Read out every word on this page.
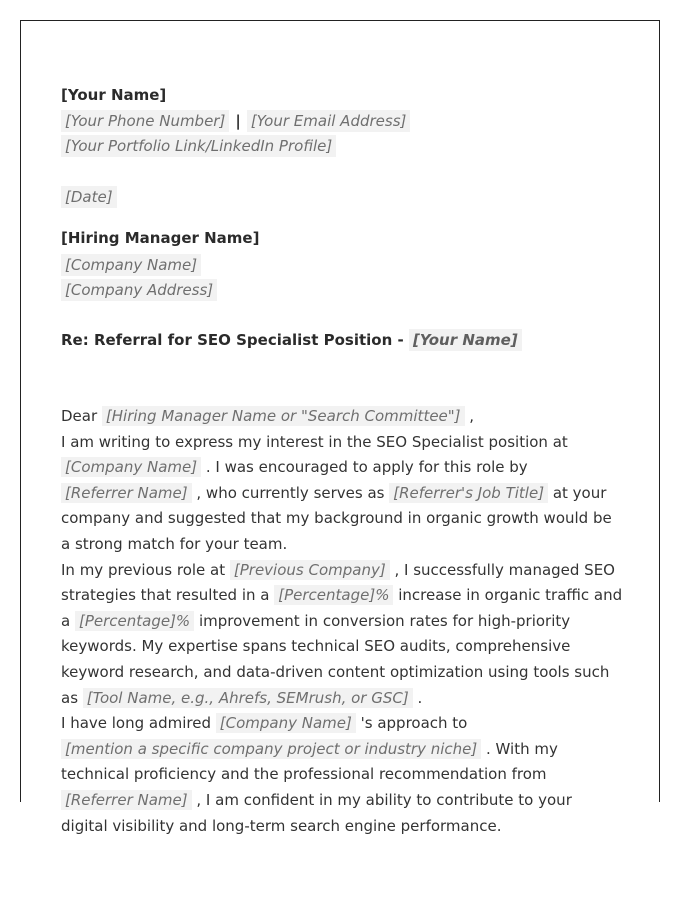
[Your Name]
[Your Phone Number] | [Your Email Address]
[Your Portfolio Link/LinkedIn Profile]
[Date]
[Hiring Manager Name]
[Company Name]
[Company Address]
Re: Referral for SEO Specialist Position - [Your Name]

Dear [Hiring Manager Name or "Search Committee"] ,

I am writing to express my interest in the SEO Specialist position at [Company Name] . I was encouraged to apply for this role by [Referrer Name] , who currently serves as [Referrer's Job Title] at your company and suggested that my background in organic growth would be a strong match for your team.

In my previous role at [Previous Company] , I successfully managed SEO strategies that resulted in a [Percentage]% increase in organic traffic and a [Percentage]% improvement in conversion rates for high-priority keywords. My expertise spans technical SEO audits, comprehensive keyword research, and data-driven content optimization using tools such as [Tool Name, e.g., Ahrefs, SEMrush, or GSC] .

I have long admired [Company Name] 's approach to [mention a specific company project or industry niche] . With my technical proficiency and the professional recommendation from [Referrer Name] , I am confident in my ability to contribute to your digital visibility and long-term search engine performance.
